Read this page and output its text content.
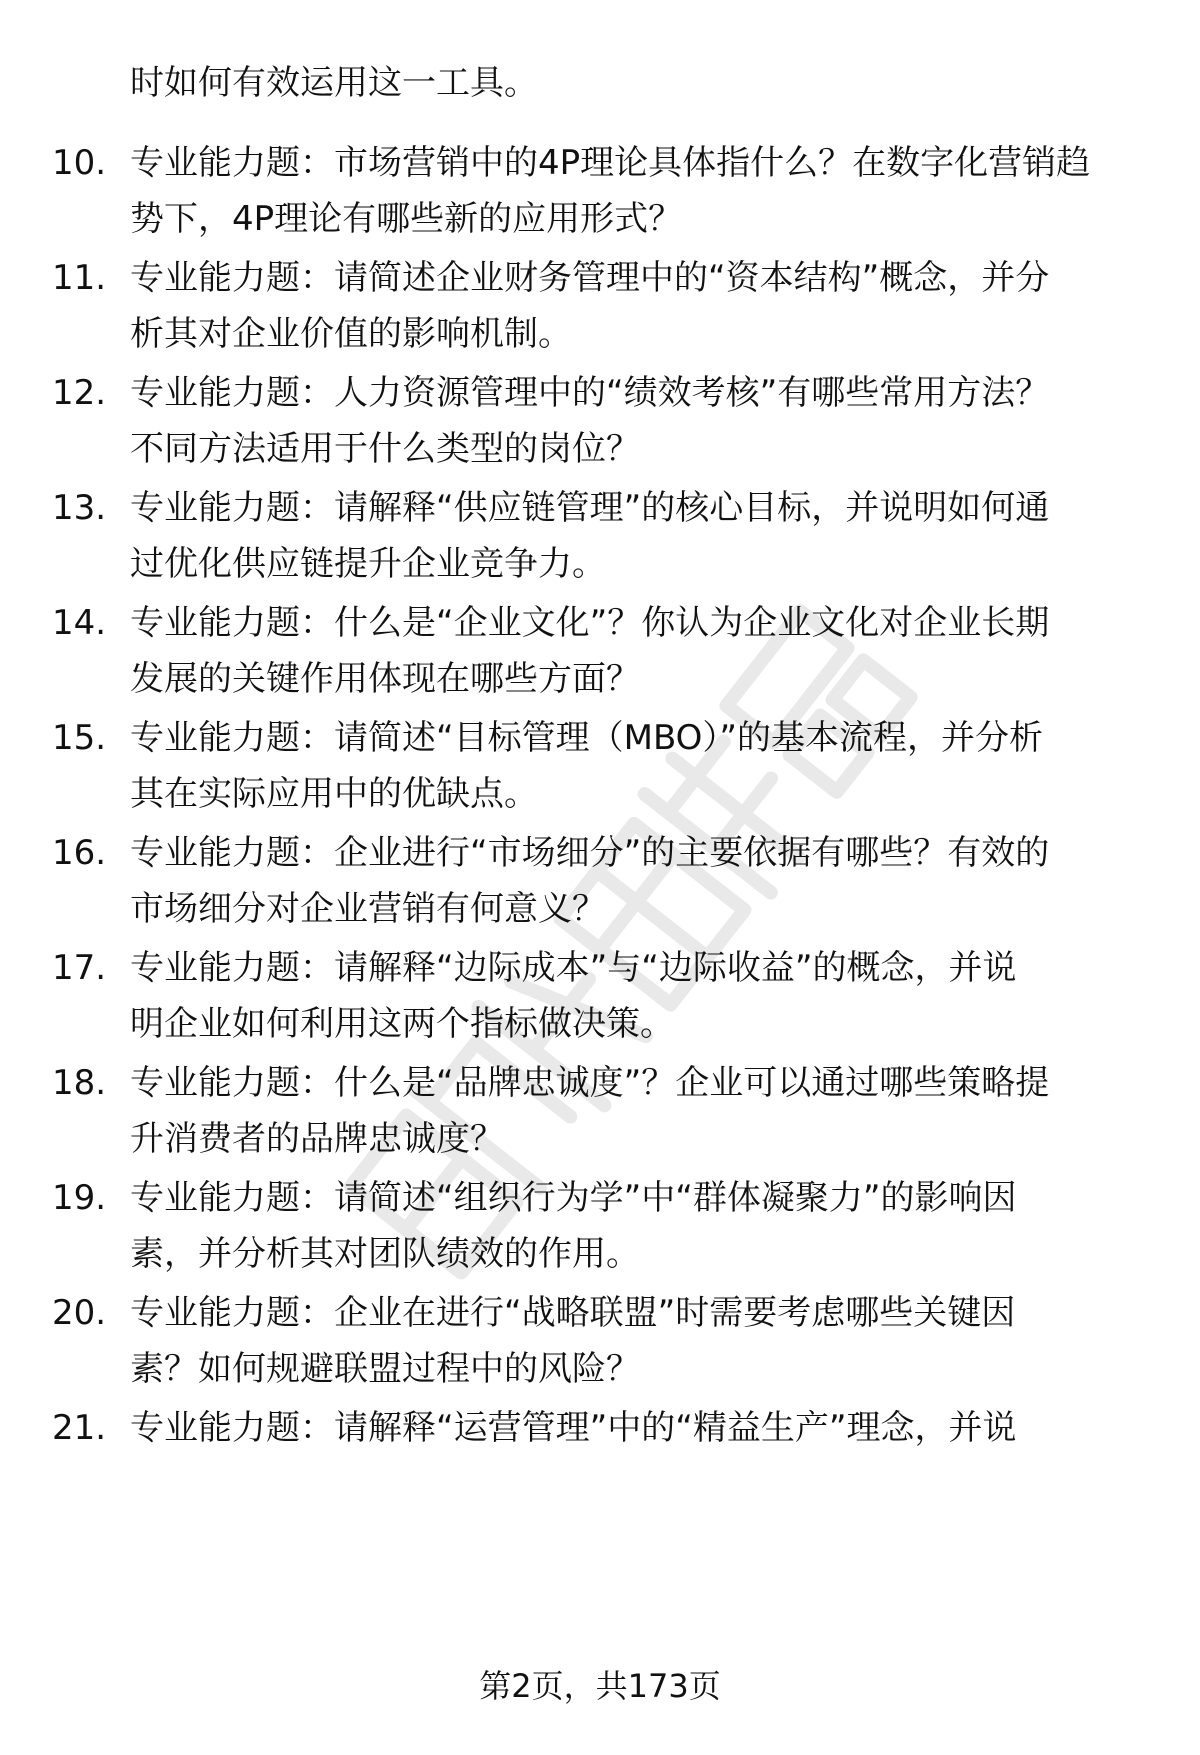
时如何有效运用这一工具。
10. 专业能力题：市场营销中的4P理论具体指什么？在数字化营销趋
势下，4P理论有哪些新的应用形式？
11. 专业能力题：请简述企业财务管理中的“资本结构”概念，并分
析其对企业价值的影响机制。
12. 专业能力题：人力资源管理中的“绩效考核”有哪些常用方法？
不同方法适用于什么类型的岗位？
13. 专业能力题：请解释“供应链管理”的核心目标，并说明如何通
过优化供应链提升企业竞争力。
14. 专业能力题：什么是“企业文化”？你认为企业文化对企业长期
发展的关键作用体现在哪些方面？
15. 专业能力题：请简述“目标管理（MBO）”的基本流程，并分析
其在实际应用中的优缺点。
16. 专业能力题：企业进行“市场细分”的主要依据有哪些？有效的
市场细分对企业营销有何意义？
17. 专业能力题：请解释“边际成本”与“边际收益”的概念，并说
明企业如何利用这两个指标做决策。
18. 专业能力题：什么是“品牌忠诚度”？企业可以通过哪些策略提
升消费者的品牌忠诚度？
19. 专业能力题：请简述“组织行为学”中“群体凝聚力”的影响因
素，并分析其对团队绩效的作用。
20. 专业能力题：企业在进行“战略联盟”时需要考虑哪些关键因
素？如何规避联盟过程中的风险？
21. 专业能力题：请解释“运营管理”中的“精益生产”理念，并说
第2页，共173页
